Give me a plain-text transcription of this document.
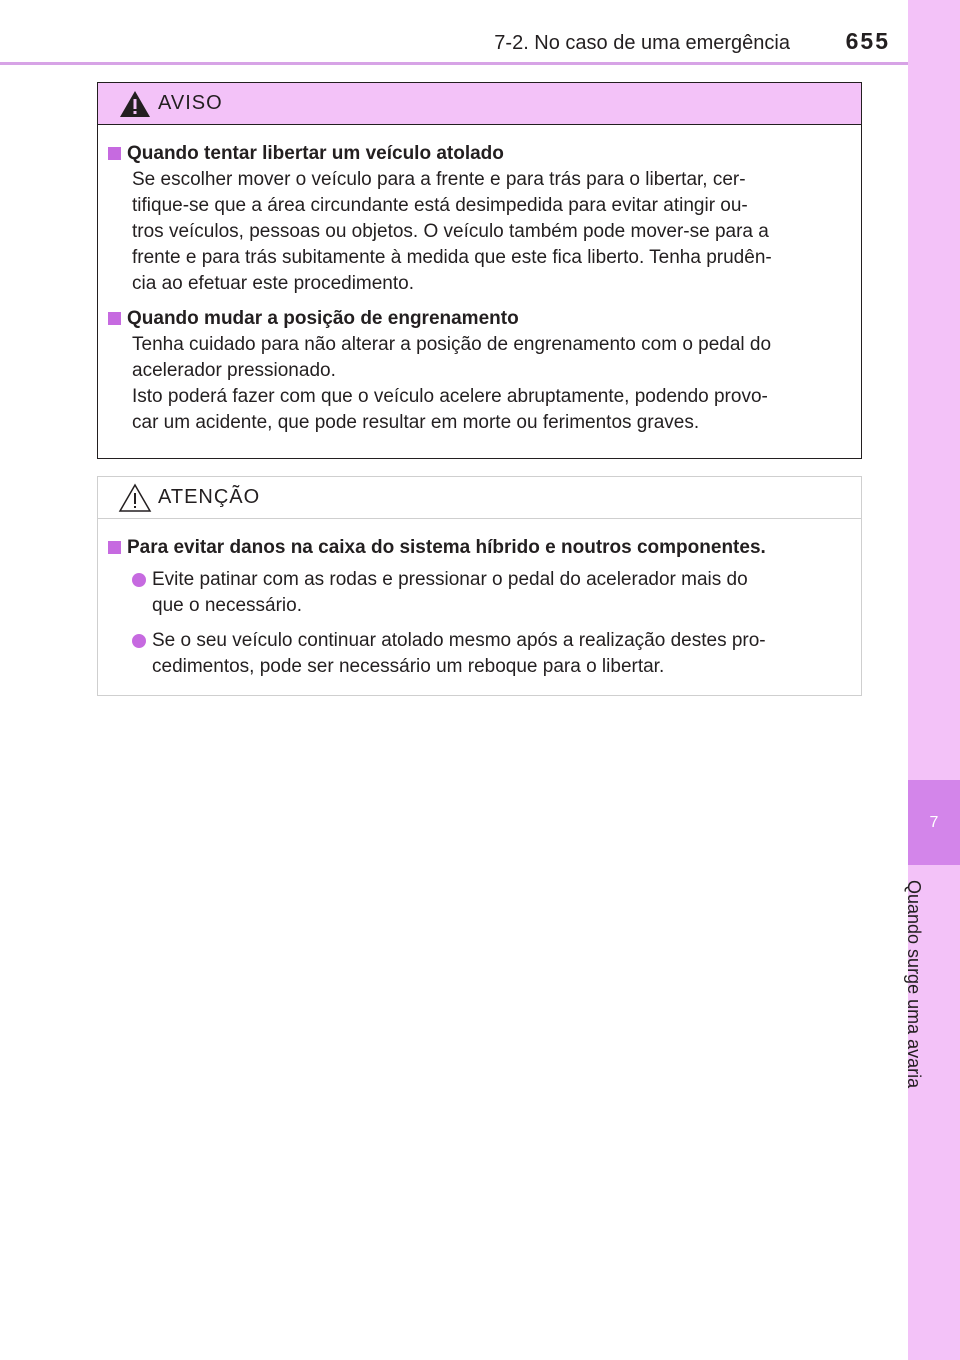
7-2. No caso de uma emergência	655
7
Quando surge uma avaria
AVISO
Quando tentar libertar um veículo atolado
Se escolher mover o veículo para a frente e para trás para o libertar, cer-
tifique-se que a área circundante está desimpedida para evitar atingir ou-
tros veículos, pessoas ou objetos. O veículo também pode mover-se para a
frente e para trás subitamente à medida que este fica liberto. Tenha prudên-
cia ao efetuar este procedimento.
Quando mudar a posição de engrenamento
Tenha cuidado para não alterar a posição de engrenamento com o pedal do
acelerador pressionado.
Isto poderá fazer com que o veículo acelere abruptamente, podendo provo-
car um acidente, que pode resultar em morte ou ferimentos graves.
ATENÇÃO
Para evitar danos na caixa do sistema híbrido e noutros componentes.
Evite patinar com as rodas e pressionar o pedal do acelerador mais do
que o necessário.
Se o seu veículo continuar atolado mesmo após a realização destes pro-
cedimentos, pode ser necessário um reboque para o libertar.
